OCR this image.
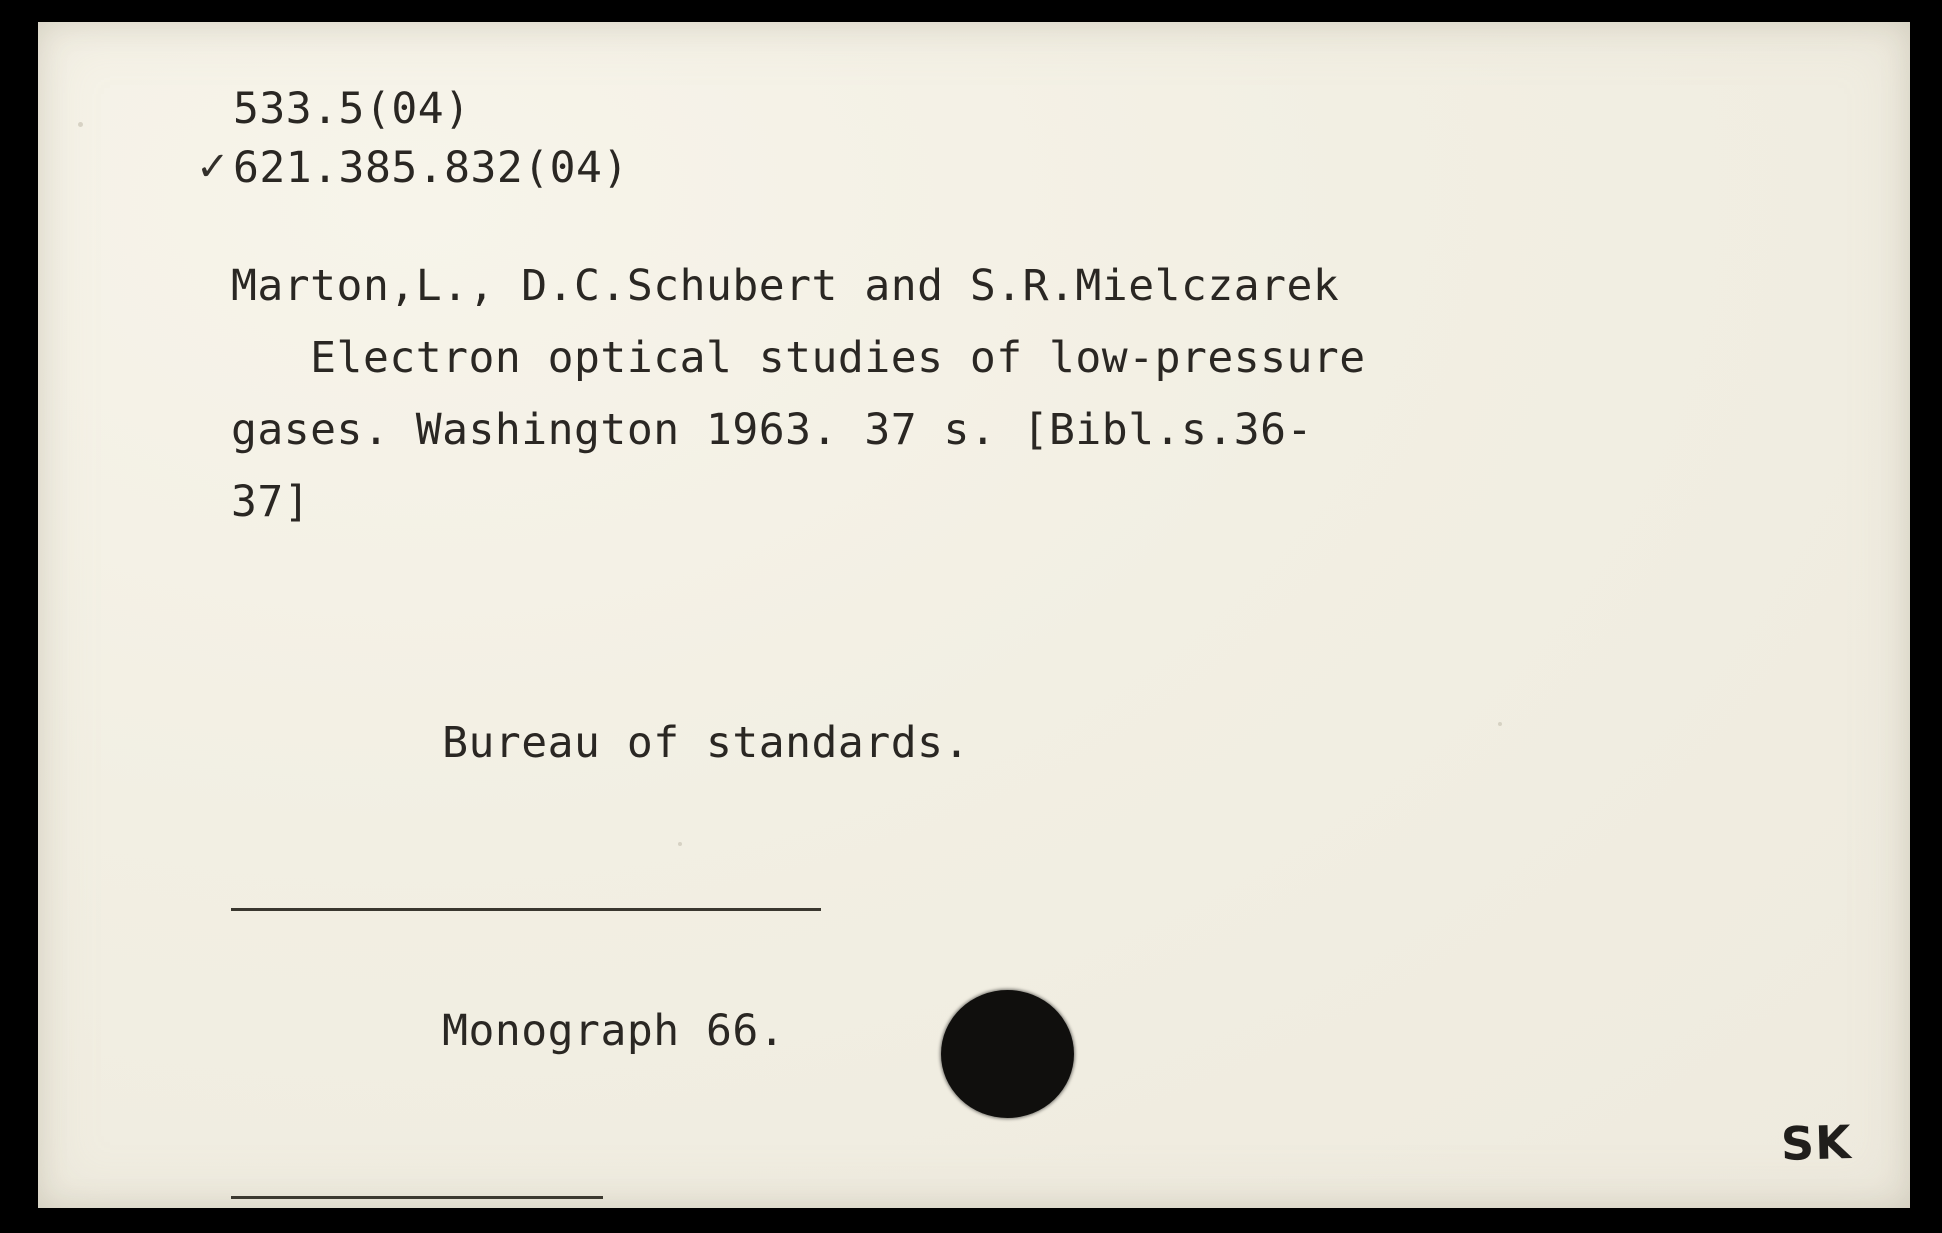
✓
533.5(04)
621.385.832(04)
Marton,L., D.C.Schubert and S.R.Mielczarek
Electron optical studies of low-pressure
gases. Washington 1963. 37 s. [Bibl.s.36-
37]

Bureau of standards.

Monograph 66.

SK
